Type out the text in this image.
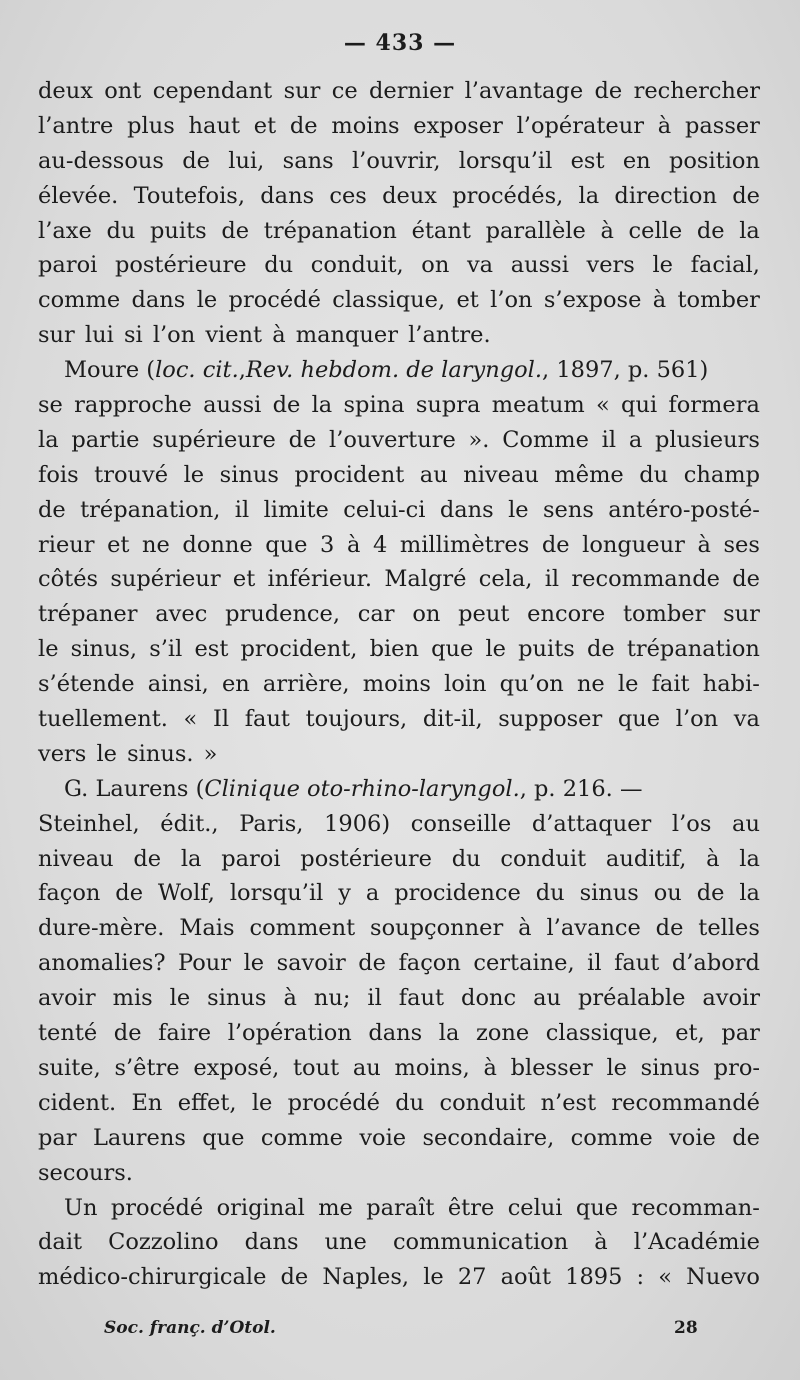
— 433 —
deux ont cependant sur ce dernier l’avantage de rechercher
l’antre plus haut et de moins exposer l’opérateur à passer
au-dessous de lui, sans l’ouvrir, lorsqu’il est en position
élevée. Toutefois, dans ces deux procédés, la direction de
l’axe du puits de trépanation étant parallèle à celle de la
paroi postérieure du conduit, on va aussi vers le facial,
comme dans le procédé classique, et l’on s’expose à tomber
sur lui si l’on vient à manquer l’antre.
Moure (loc. cit.,Rev. hebdom. de laryngol., 1897, p. 561)
se rapproche aussi de la spina supra meatum « qui formera
la partie supérieure de l’ouverture ». Comme il a plusieurs
fois trouvé le sinus procident au niveau même du champ
de trépanation, il limite celui-ci dans le sens antéro-posté-
rieur et ne donne que 3 à 4 millimètres de longueur à ses
côtés supérieur et inférieur. Malgré cela, il recommande de
trépaner avec prudence, car on peut encore tomber sur
le sinus, s’il est procident, bien que le puits de trépanation
s’étende ainsi, en arrière, moins loin qu’on ne le fait habi-
tuellement. « Il faut toujours, dit-il, supposer que l’on va
vers le sinus. »
G. Laurens (Clinique oto-rhino-laryngol., p. 216. —
Steinhel, édit., Paris, 1906) conseille d’attaquer l’os au
niveau de la paroi postérieure du conduit auditif, à la
façon de Wolf, lorsqu’il y a procidence du sinus ou de la
dure-mère. Mais comment soupçonner à l’avance de telles
anomalies? Pour le savoir de façon certaine, il faut d’abord
avoir mis le sinus à nu; il faut donc au préalable avoir
tenté de faire l’opération dans la zone classique, et, par
suite, s’être exposé, tout au moins, à blesser le sinus pro-
cident. En effet, le procédé du conduit n’est recommandé
par Laurens que comme voie secondaire, comme voie de
secours.
Un procédé original me paraît être celui que recomman-
dait Cozzolino dans une communication à l’Académie
médico-chirurgicale de Naples, le 27 août 1895 : « Nuevo
Soc. franç. d’Otol.	28
